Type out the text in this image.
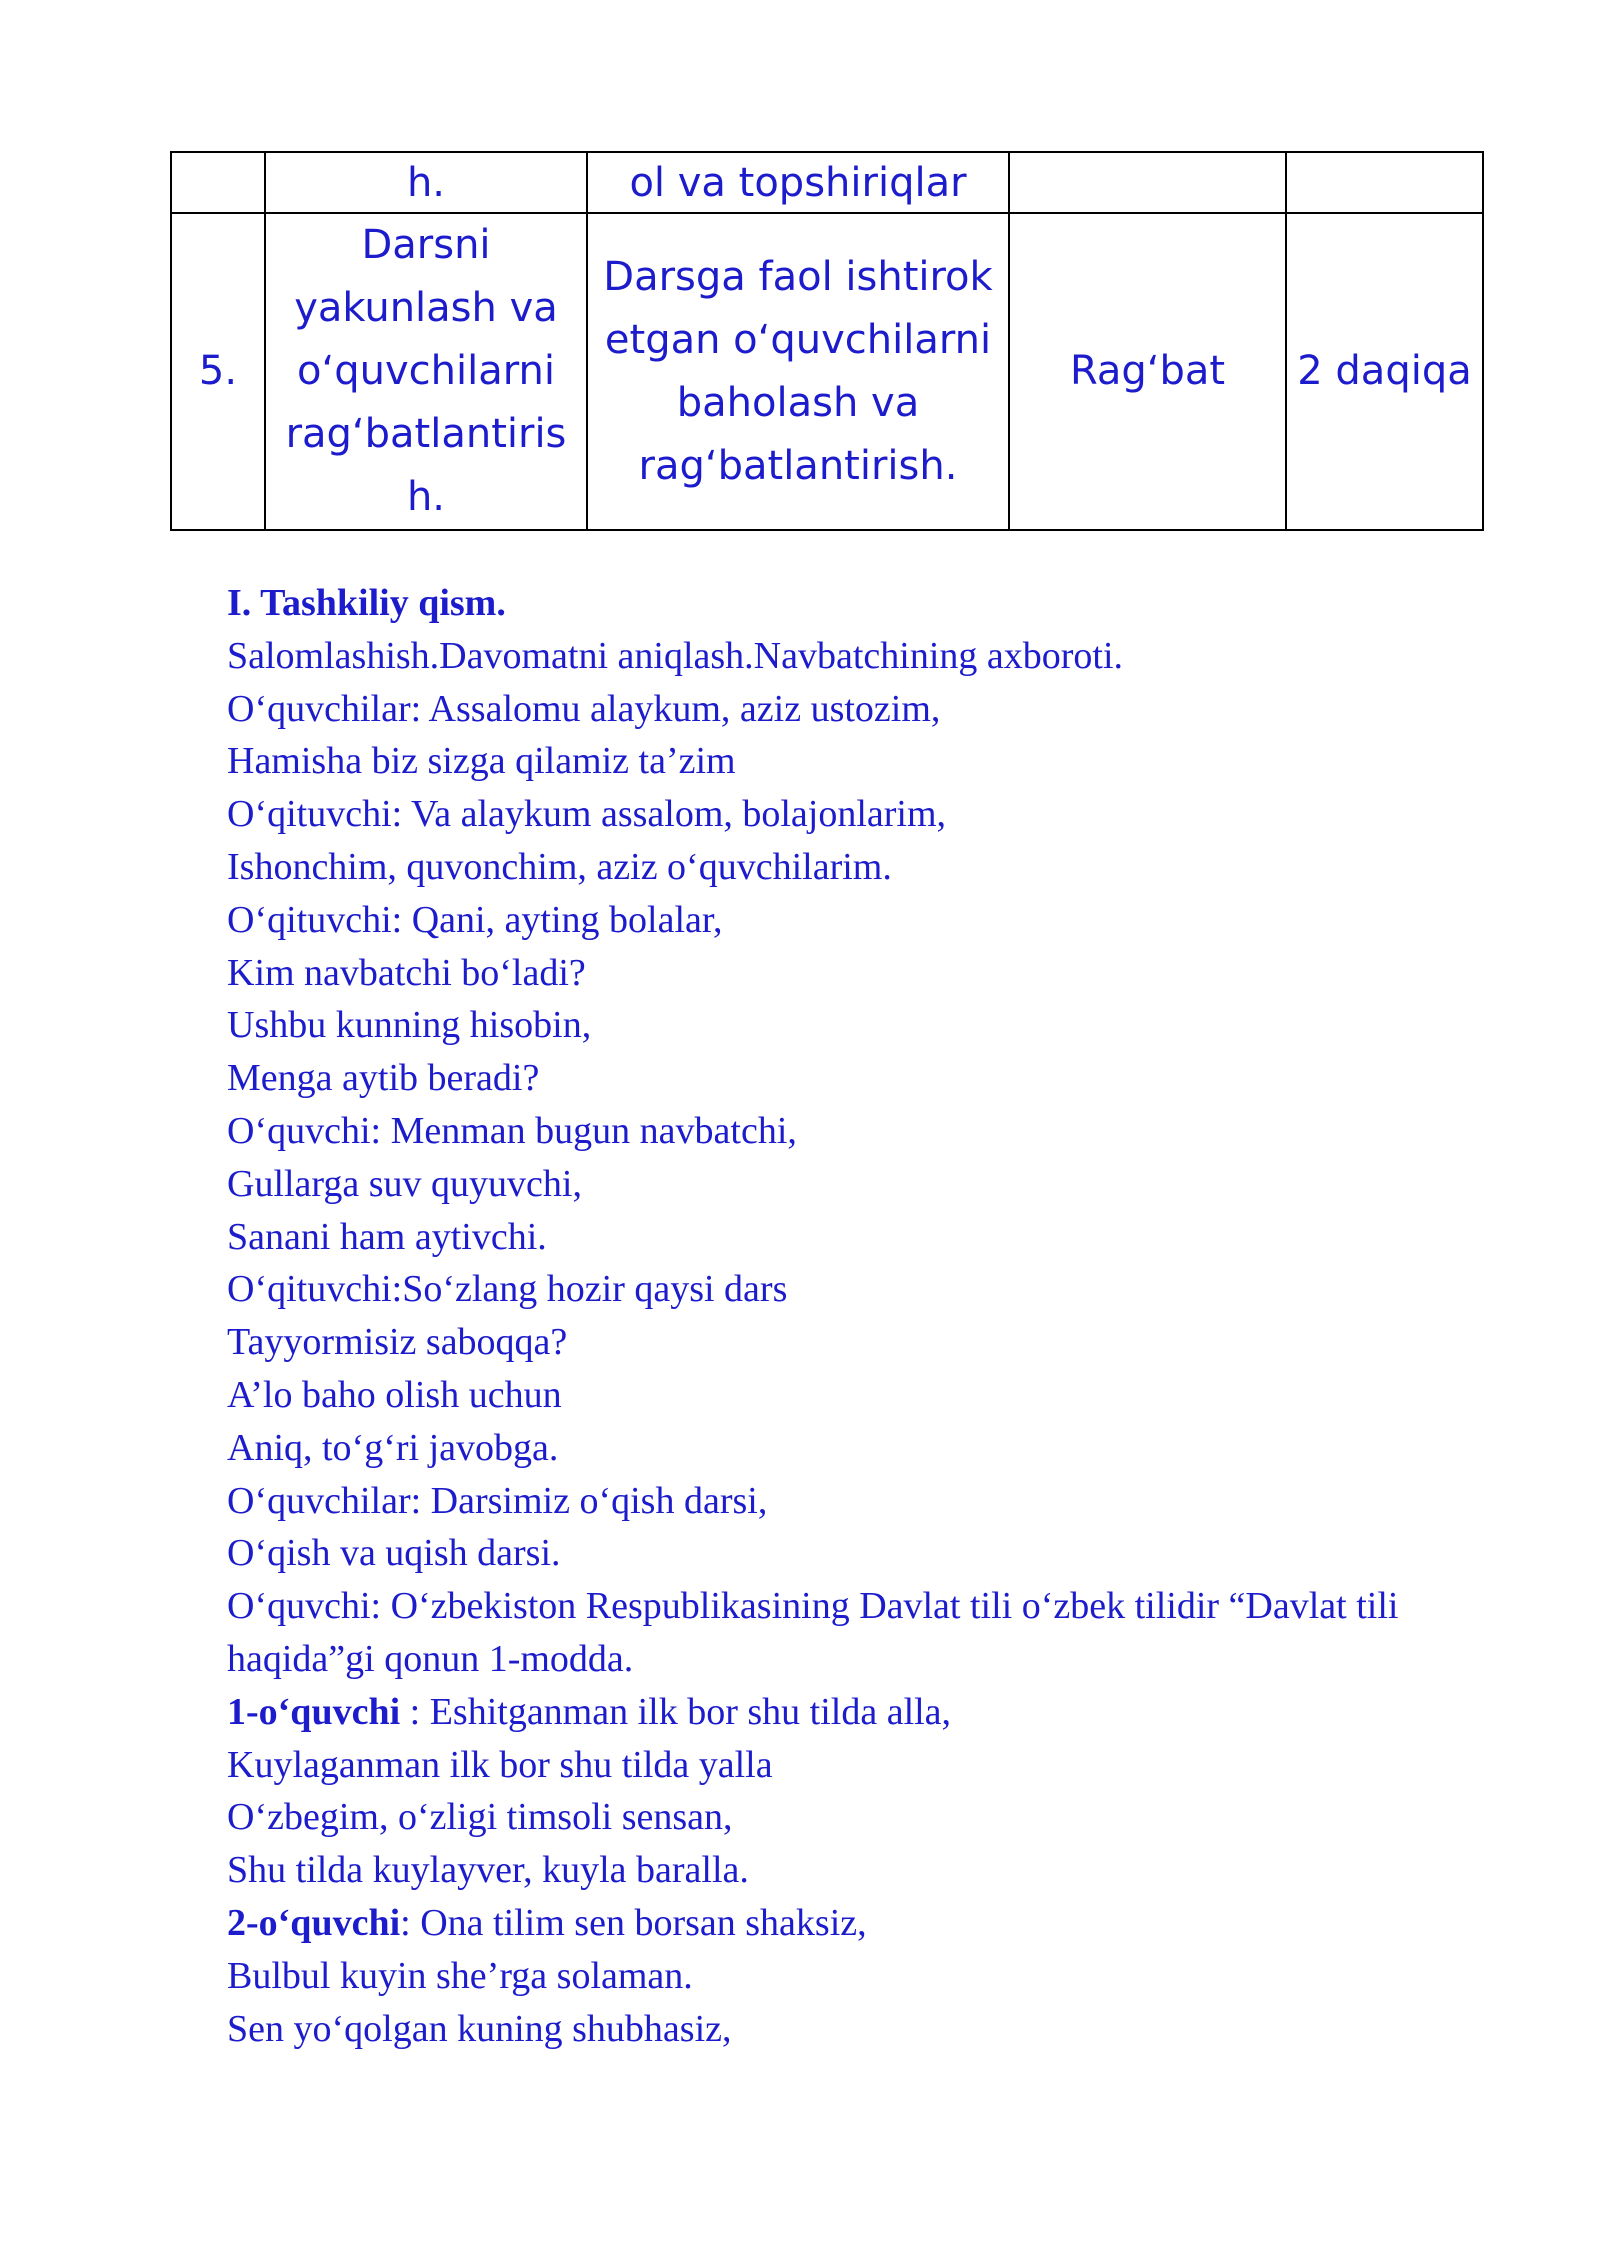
	h.	ol va topshiriqlar		
5.	Darsni yakunlash va o‘quvchilarni rag‘batlantirish.	Darsga faol ishtirok etgan o‘quvchilarni baholash va rag‘batlantirish.	Rag‘bat	2 daqiqa
I. Tashkiliy qism.
Salomlashish.Davomatni aniqlash.Navbatchining axboroti.
O‘quvchilar: Assalomu alaykum, aziz ustozim,
Hamisha biz sizga qilamiz ta’zim
O‘qituvchi: Va alaykum assalom, bolajonlarim,
Ishonchim, quvonchim, aziz o‘quvchilarim.
O‘qituvchi: Qani, ayting bolalar,
Kim navbatchi bo‘ladi?
Ushbu kunning hisobin,
Menga aytib beradi?
O‘quvchi: Menman bugun navbatchi,
Gullarga suv quyuvchi,
Sanani ham aytivchi.
O‘qituvchi:So‘zlang hozir qaysi dars
Tayyormisiz saboqqa?
A’lo baho olish uchun
Aniq, to‘g‘ri javobga.
O‘quvchilar: Darsimiz o‘qish darsi,
O‘qish va uqish darsi.
O‘quvchi: O‘zbekiston Respublikasining Davlat tili o‘zbek tilidir “Davlat tili haqida”gi qonun 1-modda.
1-o‘quvchi : Eshitganman ilk bor shu tilda alla,
Kuylaganman ilk bor shu tilda yalla
O‘zbegim, o‘zligi timsoli sensan,
Shu tilda kuylayver, kuyla baralla.
2-o‘quvchi: Ona tilim sen borsan shaksiz,
Bulbul kuyin she’rga solaman.
Sen yo‘qolgan kuning shubhasiz,
